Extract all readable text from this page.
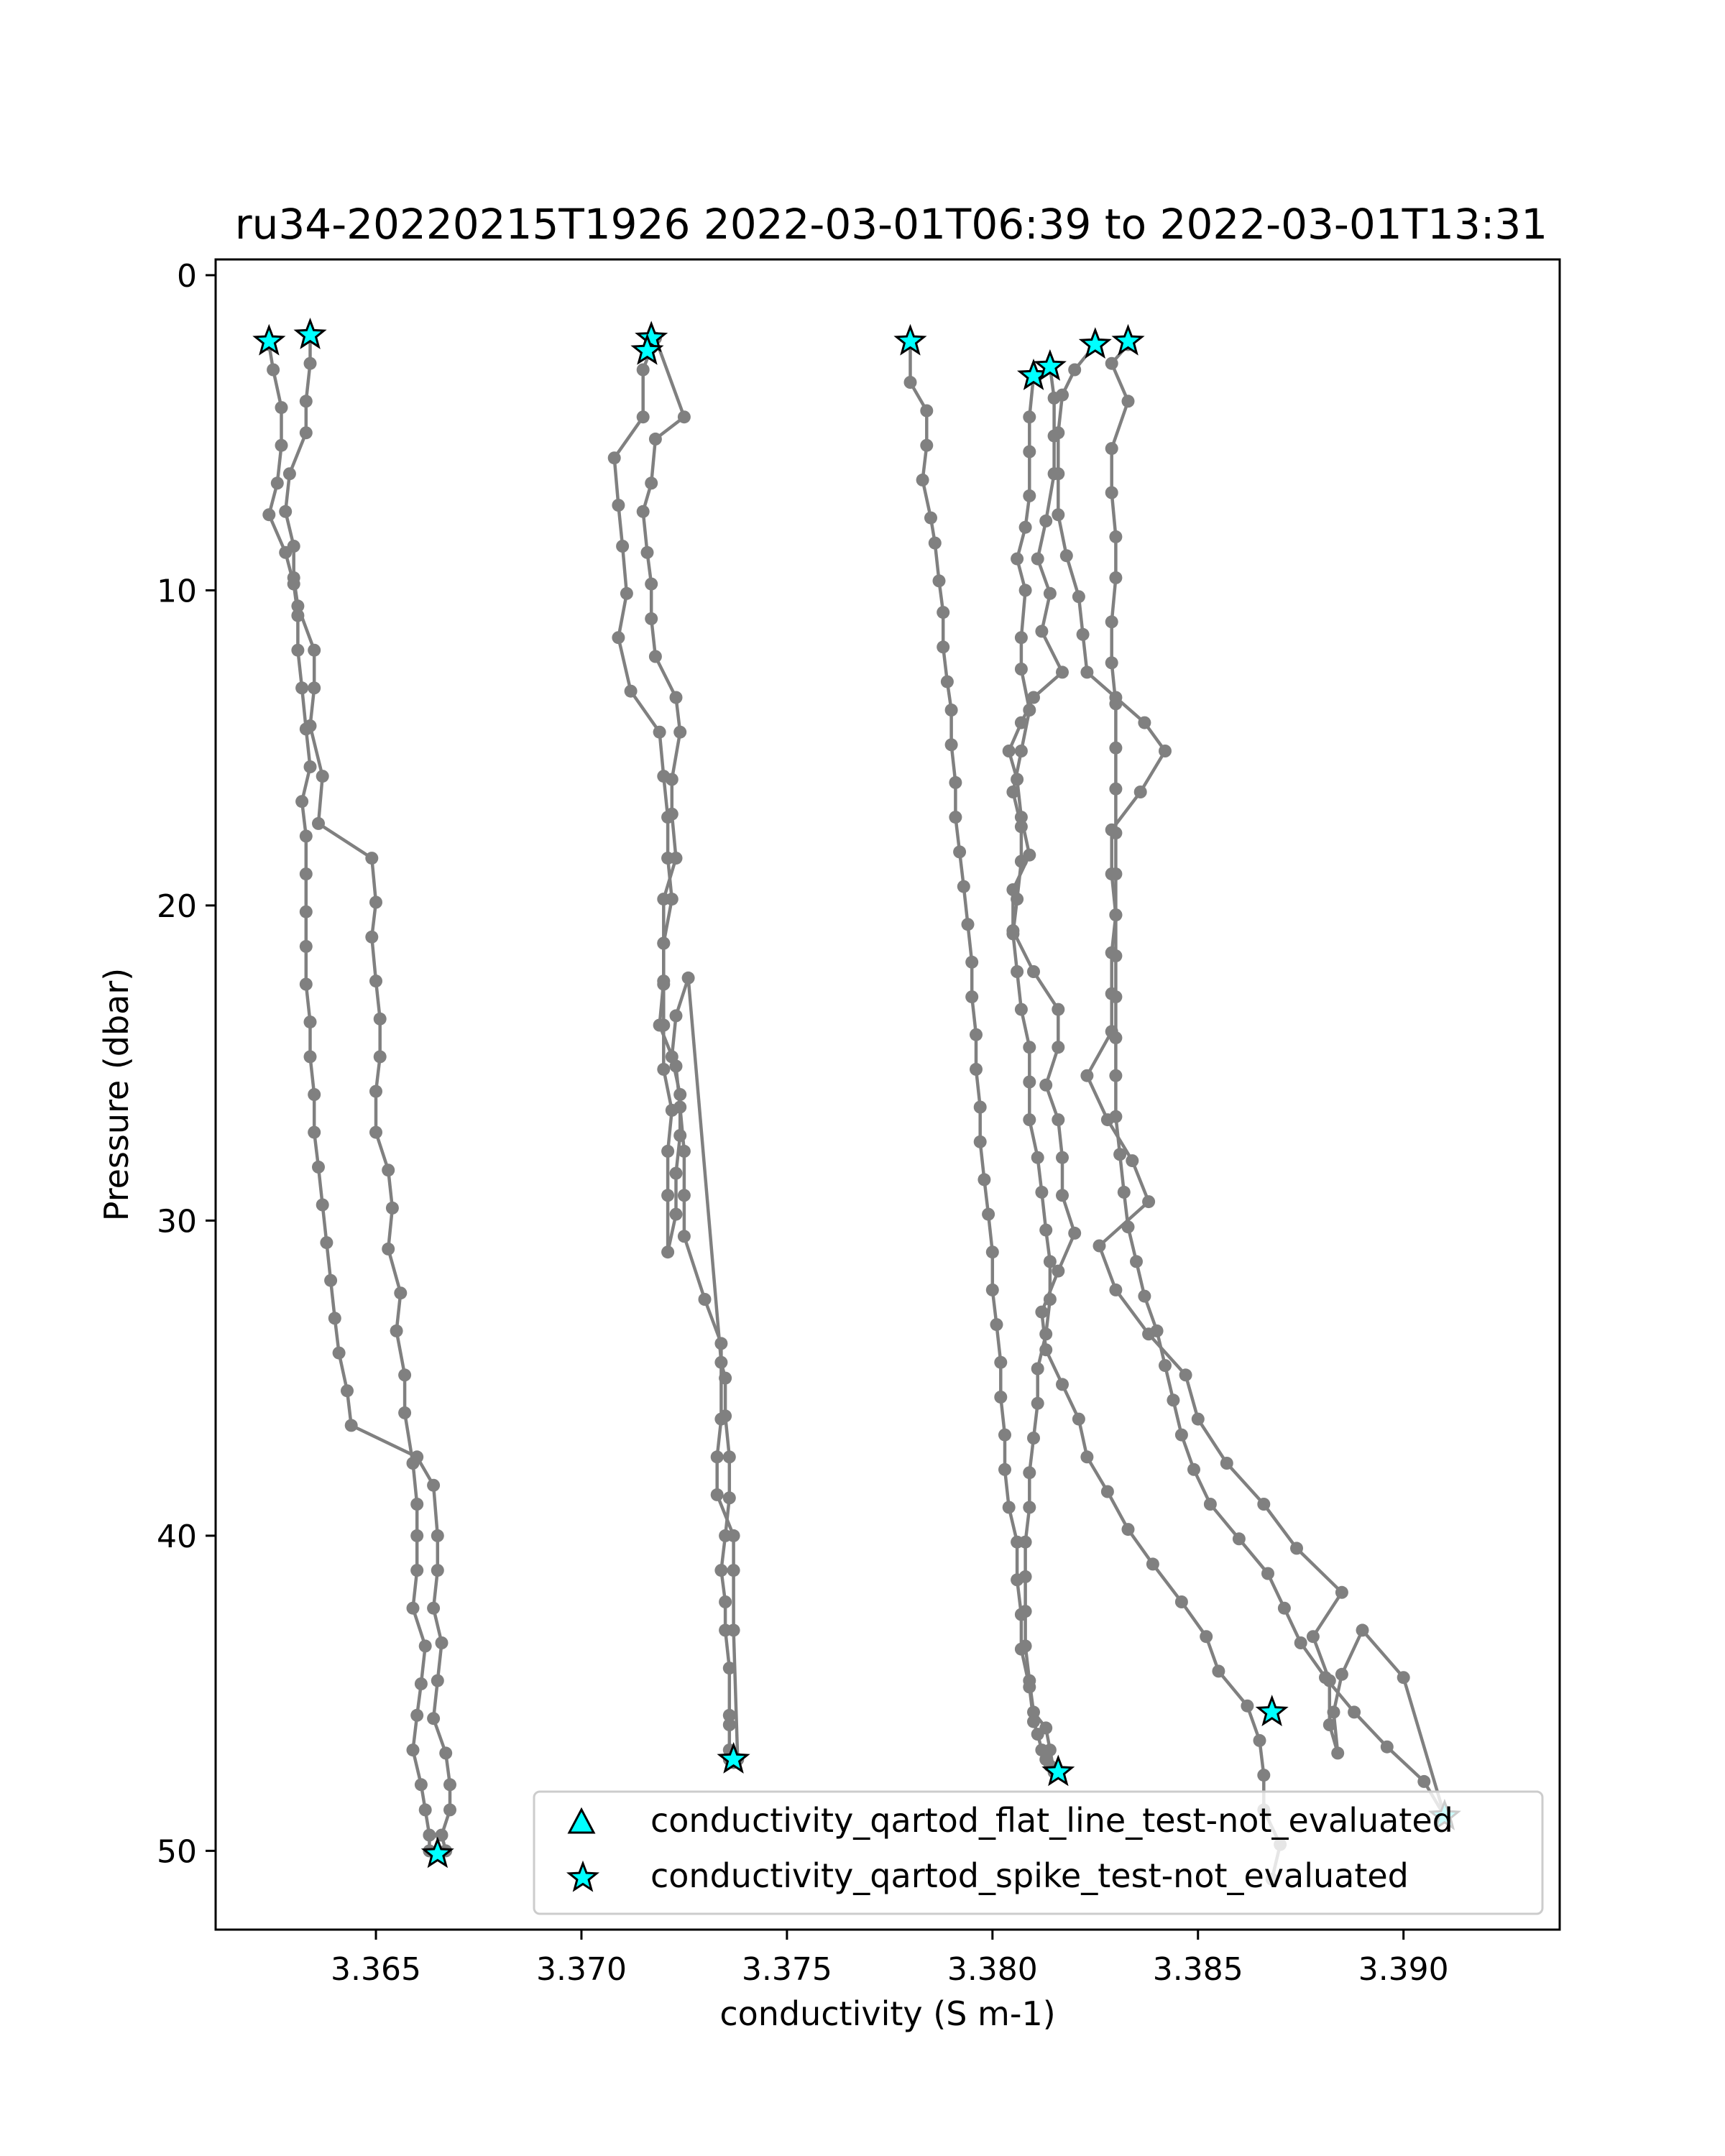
ru34-20220215T1926 2022-03-01T06:39 to 2022-03-01T13:31
3.365	3.370	3.375	3.380	3.385	3.390
0
10
20
30
40
50
conductivity (S m-1)
Pressure (dbar)
conductivity_qartod_flat_line_test-not_evaluated
conductivity_qartod_spike_test-not_evaluated
